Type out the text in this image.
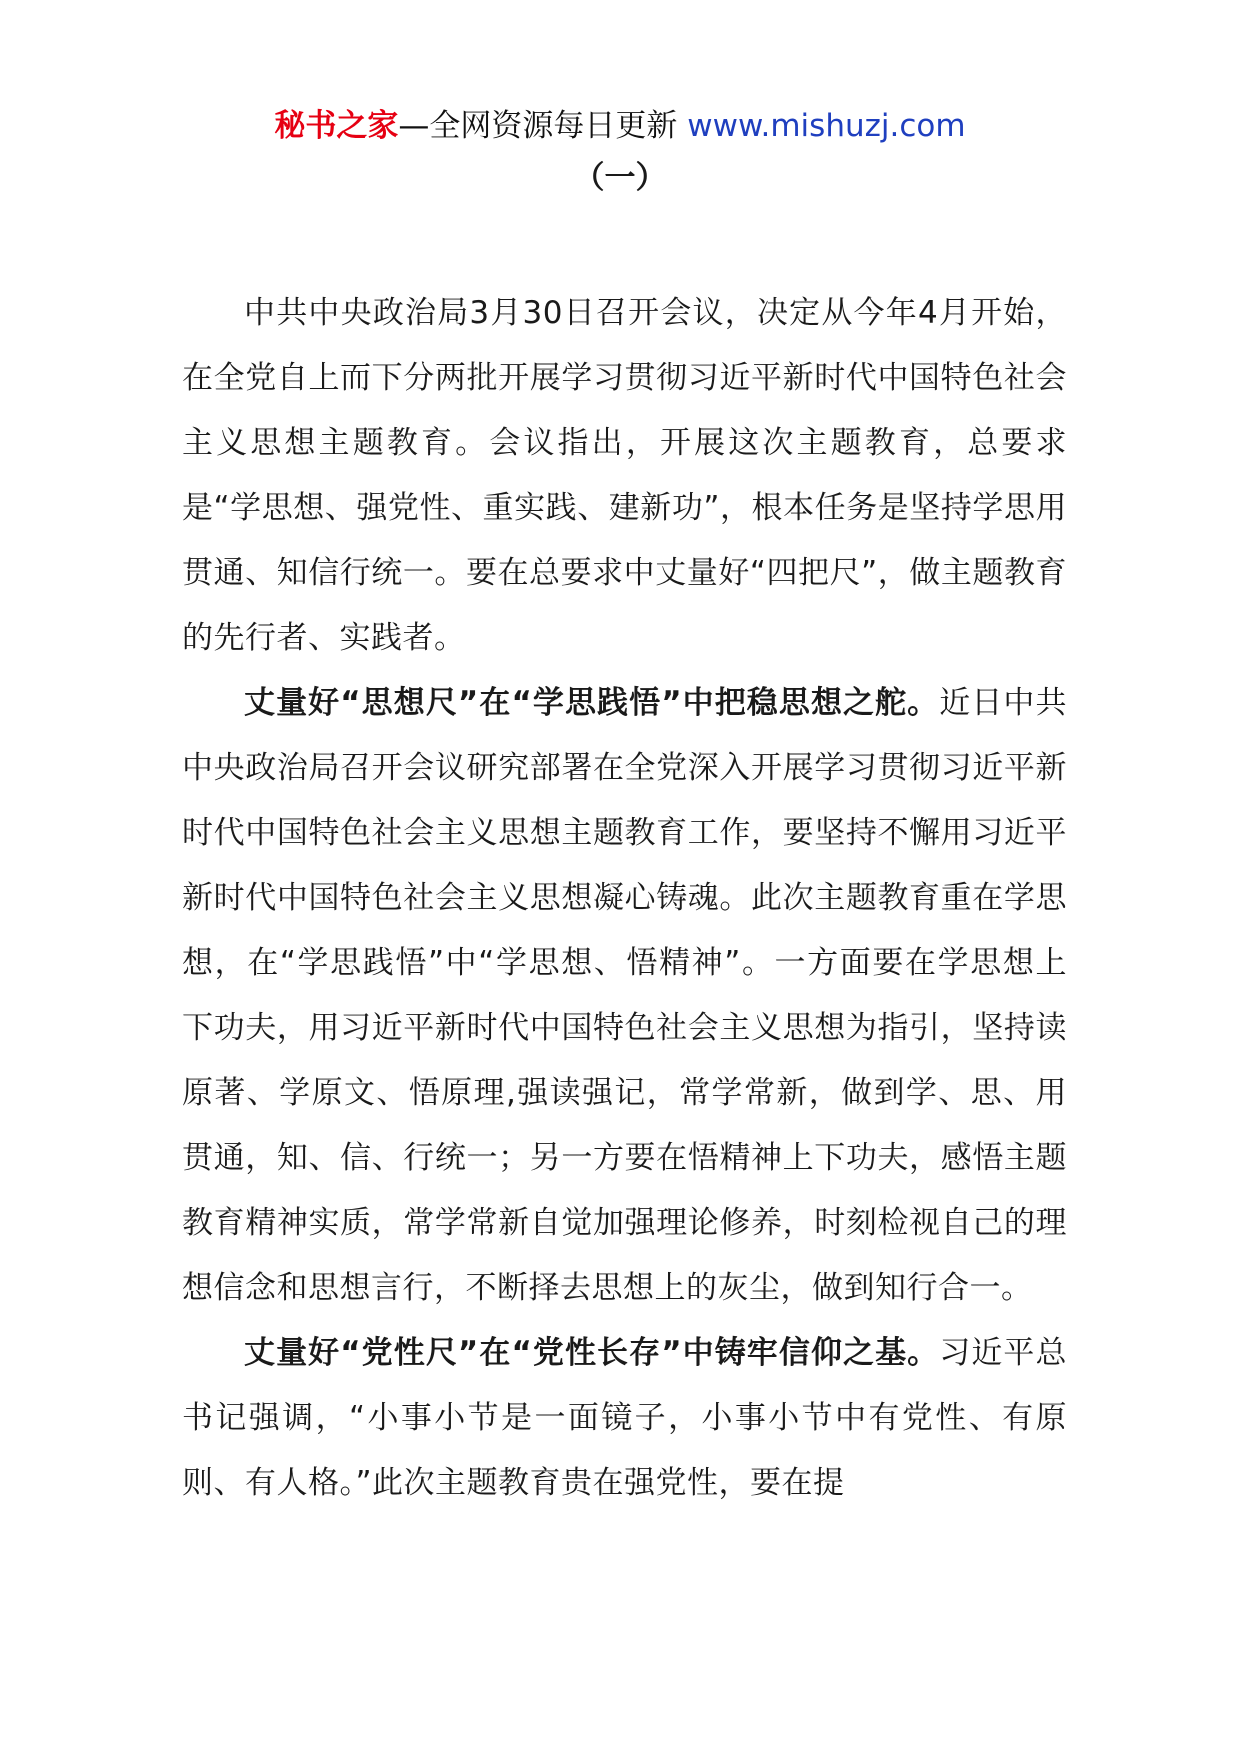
秘书之家—全网资源每日更新 www.mishuzj.com
（一）

中共中央政治局3月30日召开会议，决定从今年4月开始，在全党自上而下分两批开展学习贯彻习近平新时代中国特色社会主义思想主题教育。会议指出，开展这次主题教育，总要求是“学思想、强党性、重实践、建新功”，根本任务是坚持学思用贯通、知信行统一。要在总要求中丈量好“四把尺”，做主题教育的先行者、实践者。

丈量好“思想尺”在“学思践悟”中把稳思想之舵。近日中共中央政治局召开会议研究部署在全党深入开展学习贯彻习近平新时代中国特色社会主义思想主题教育工作，要坚持不懈用习近平新时代中国特色社会主义思想凝心铸魂。此次主题教育重在学思想，在“学思践悟”中“学思想、悟精神”。一方面要在学思想上下功夫，用习近平新时代中国特色社会主义思想为指引，坚持读原著、学原文、悟原理,强读强记，常学常新，做到学、思、用贯通，知、信、行统一；另一方要在悟精神上下功夫，感悟主题教育精神实质，常学常新自觉加强理论修养，时刻检视自己的理想信念和思想言行，不断择去思想上的灰尘，做到知行合一。

丈量好“党性尺”在“党性长存”中铸牢信仰之基。习近平总书记强调，“小事小节是一面镜子，小事小节中有党性、有原则、有人格。”此次主题教育贵在强党性，要在提
